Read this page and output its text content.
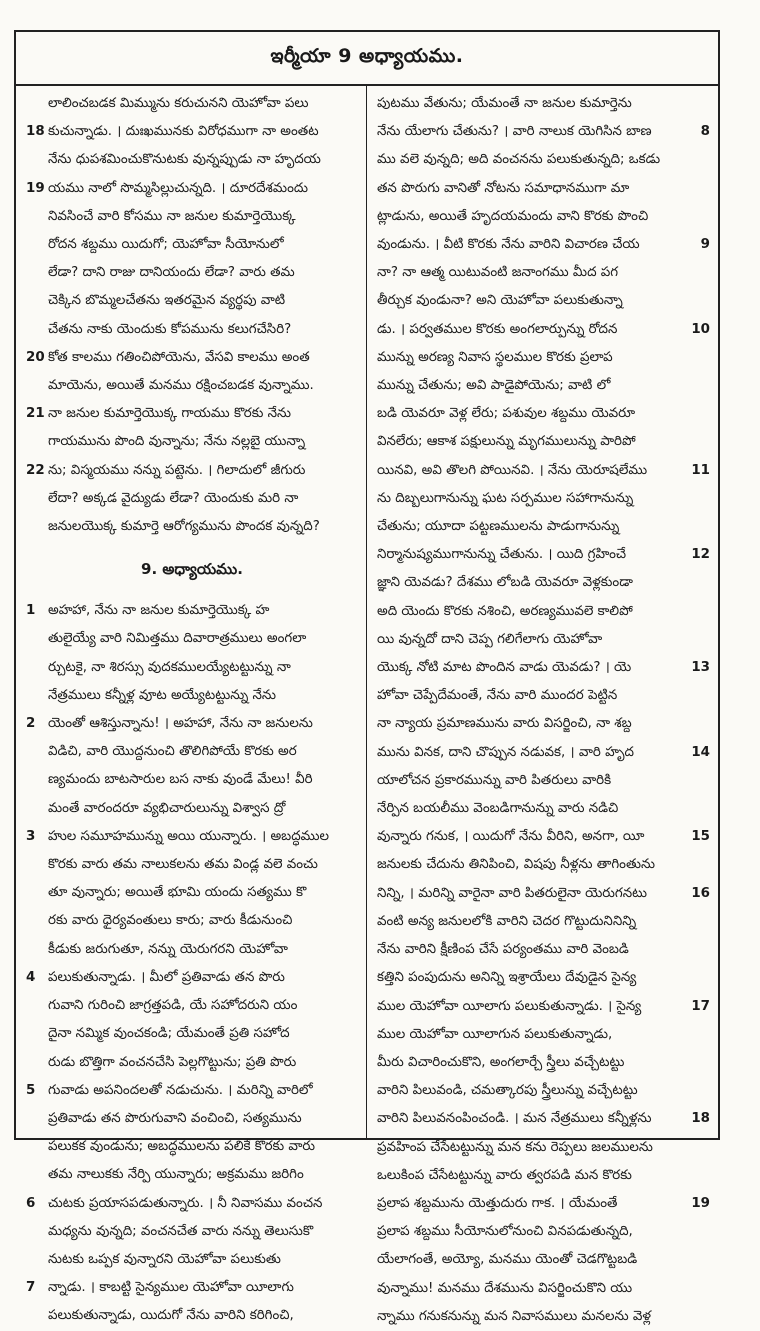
ఇర్మీయా 9 అధ్యాయము.
లాలించబడక మిమ్మును కరుచునని యెహోవా పలు
18 కుచున్నాడు. । దుఃఖమునకు విరోధముగా నా అంతట
నేను ధుపశమించుకొనుటకు వున్నప్పుడు నా హృదయ
19 యము నాలో సొమ్మసిల్లుచున్నది. । దూరదేశమందు
నివసించే వారి కోసము నా జనుల కుమార్తెయొక్క
రోదన శబ్దము యిదుగో; యెహోవా సీయోనులో
లేడా? దాని రాజు దానియందు లేడా? వారు తమ
చెక్కిన బొమ్మలచేతను ఇతరమైన వ్యర్థపు వాటి
చేతను నాకు యెందుకు కోపమును కలుగచేసిరి?
20 కోత కాలము గతించిపోయెను, వేసవి కాలము అంత
మాయెను, అయితే మనము రక్షించబడక వున్నాము.
21 నా జనుల కుమార్తెయొక్క గాయము కొరకు నేను
గాయమును పొంది వున్నాను; నేను నల్లబై యున్నా
22 ను; విస్మయము నన్ను పట్టెను. । గిలాదులో జీగురు
లేదా? అక్కడ వైద్యుడు లేడా? యెందుకు మరి నా
జనులయొక్క కుమార్తె ఆరోగ్యమును పొందక వున్నది?
9. అధ్యాయము.
1 అహహా, నేను నా జనుల కుమార్తెయొక్క హ
తులైయ్యే వారి నిమిత్తము దివారాత్రములు అంగలా
ర్చుటకై, నా శిరస్సు వుదకములయ్యేటట్టున్ను నా
నేత్రములు కన్నీళ్ల వూట అయ్యేటట్టున్ను నేను
2 యెంతో ఆశిస్తున్నాను! । అహహా, నేను నా జనులను
విడిచి, వారి యొద్దనుంచి తొలిగిపోయే కొరకు అర
ణ్యమందు బాటసారుల బస నాకు వుండే మేలు! వీరి
మంతే వారందరూ వ్యభిచారులున్ను విశ్వాస ద్రో
3 హుల సమూహమున్ను అయి యున్నారు. । అబద్ధముల
కొరకు వారు తమ నాలుకలను తమ విండ్ల వలె వంచు
తూ వున్నారు; అయితే భూమి యందు సత్యము కొ
రకు వారు ధైర్యవంతులు కారు; వారు కీడునుంచి
కీడుకు జరుగుతూ, నన్ను యెరుగరని యెహోవా
4 పలుకుతున్నాడు. । మీలో ప్రతివాడు తన పొరు
గువాని గురించి జాగ్రత్తపడి, యే సహోదరుని యం
దైనా నమ్మిక వుంచకండి; యేమంతే ప్రతి సహోద
రుడు బొత్తిగా వంచనచేసి పెల్లగొట్టును; ప్రతి పొరు
5 గువాడు అపనిందలతో నడుచును. । మరిన్ని వారిలో
ప్రతివాడు తన పొరుగువాని వంచించి, సత్యమును
పలుకక వుండును; అబద్ధములను పలికే కొరకు వారు
తమ నాలుకకు నేర్పి యున్నారు; అక్రమము జరిగిం
6 చుటకు ప్రయాసపడుతున్నారు. । నీ నివాసము వంచన
మధ్యను వున్నది; వంచనచేత వారు నన్ను తెలుసుకొ
నుటకు ఒప్పక వున్నారని యెహోవా పలుకుతు
7 న్నాడు. । కాబట్టి సైన్యముల యెహోవా యీలాగు
పలుకుతున్నాడు, యిదుగో నేను వారిని కరిగించి,
పుటము వేతును; యేమంతే నా జనుల కుమార్తెను
నేను యేలాగు చేతును? । వారి నాలుక యెగిసిన బాణ	8
ము వలె వున్నది; అది వంచనను పలుకుతున్నది; ఒకడు
తన పొరుగు వానితో నోటను సమాధానముగా మా
ట్లాడును, అయితే హృదయమందు వాని కొరకు పొంచి
వుండును. । వీటి కొరకు నేను వారిని విచారణ చేయ	9
నా? నా ఆత్మ యిటువంటి జనాంగము మీద పగ
తీర్చుక వుండునా? అని యెహోవా పలుకుతున్నా
డు. । పర్వతముల కొరకు అంగలార్పున్ను రోదన	10
మున్ను అరణ్య నివాస స్థలముల కొరకు ప్రలాప
మున్ను చేతును; అవి పాడైపోయెను; వాటి లో
బడి యెవరూ వెళ్ల లేరు; పశువుల శబ్దము యెవరూ
వినలేరు; ఆకాశ పక్షులున్ను మృగములున్ను పారిపో
యినవి, అవి తొలగి పోయినవి. । నేను యెరూషలేము	11
ను దిబ్బలుగానున్ను ఘట సర్పముల సహాగానున్ను
చేతును; యూదా పట్టణములను పాడుగానున్ను
నిర్మానుష్యముగానున్ను చేతును. । యిది గ్రహించే	12
జ్ఞాని యెవడు? దేశము లోబడి యెవరూ వెళ్లకుండా
అది యెందు కొరకు నశించి, అరణ్యమువలె కాలిపో
యి వున్నదో దాని చెప్ప గలిగేలాగు యెహోవా
యొక్క నోటి మాట పొందిన వాడు యెవడు? । యె	13
హోవా చెప్పేదేమంతే, నేను వారి ముందర పెట్టిన
నా న్యాయ ప్రమాణమును వారు విసర్జించి, నా శబ్ద
మును వినక, దాని చొప్పున నడువక, । వారి హృద	14
యాలోచన ప్రకారమున్ను వారి పితరులు వారికి
నేర్పిన బయలీము వెంబడిగానున్ను వారు నడిచి
వున్నారు గనుక, । యిదుగో నేను వీరిని, అనగా, యీ	15
జనులకు చేదును తినిపించి, విషపు నీళ్లను తాగింతును
నిన్ని, । మరిన్ని వారైనా వారి పితరులైనా యెరుగనటు	16
వంటి అన్య జనులలోకి వారిని చెదర గొట్టుదునినిన్ని
నేను వారిని క్షీణింప చేసే పర్యంతము వారి వెంబడి
కత్తిని పంపుదును అనిన్ని ఇశ్రాయేలు దేవుడైన సైన్య
ముల యెహోవా యీలాగు పలుకుతున్నాడు. । సైన్య	17
ముల యెహోవా యీలాగున పలుకుతున్నాడు,
మీరు విచారించుకొని, అంగలార్చే స్త్రీలు వచ్చేటట్టు
వారిని పిలువండి, చమత్కారపు స్త్రీలున్ను వచ్చేటట్టు
వారిని పిలువనంపించండి. । మన నేత్రములు కన్నీళ్లను	18
ప్రవహింప చేసేటట్టున్ను మన కను రెప్పలు జలములను
ఒలుకింప చేసేటట్టున్ను వారు త్వరపడి మన కొరకు
ప్రలాప శబ్దమును యెత్తుదురు గాక. । యేమంతే	19
ప్రలాప శబ్దము సీయోనులోనుంచి వినపడుతున్నది,
యేలాగంతే, అయ్యో, మనము యెంతో చెడగొట్టబడి
వున్నాము! మనము దేశమును విసర్జించుకొని యు
న్నాము గనుకనున్ను మన నివాసములు మనలను వెళ్ల
